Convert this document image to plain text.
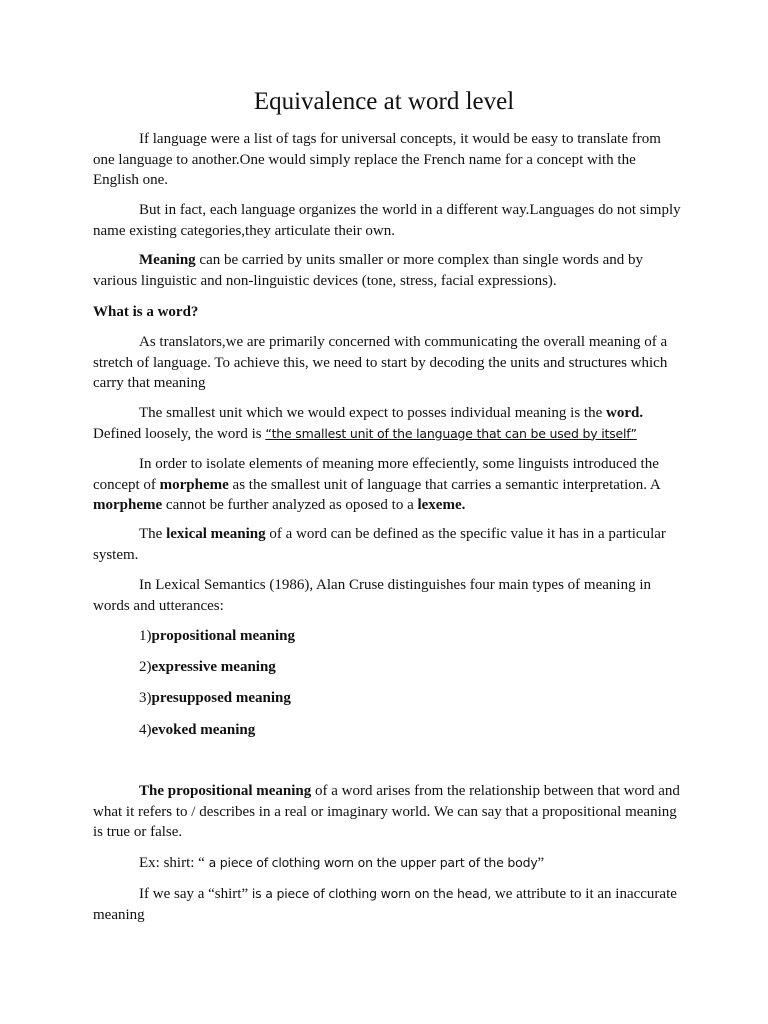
Equivalence at word level

If language were a list of tags for universal concepts, it would be easy to translate from one language to another.One would simply replace the French name for a concept with the English one.

But in fact, each language organizes the world in a different way.Languages do not simply name existing categories,they articulate their own.

Meaning can be carried by units smaller or more complex than single words and by various linguistic and non-linguistic devices (tone, stress, facial expressions).

What is a word?

As translators,we are primarily concerned with communicating the overall meaning of a stretch of language. To achieve this, we need to start by decoding the units and structures which carry that meaning

The smallest unit which we would expect to posses individual meaning is the word. Defined loosely, the word is “the smallest unit of the language that can be used by itself”

In order to isolate elements of meaning more effeciently, some linguists introduced the concept of morpheme as the smallest unit of language that carries a semantic interpretation. A morpheme cannot be further analyzed as oposed to a lexeme.

The lexical meaning of a word can be defined as the specific value it has in a particular system.

In Lexical Semantics (1986), Alan Cruse distinguishes four main types of meaning in words and utterances:

1)propositional meaning
2)expressive meaning
3)presupposed meaning
4)evoked meaning

The propositional meaning of a word arises from the relationship between that word and what it refers to / describes in a real or imaginary world. We can say that a propositional meaning is true or false.

Ex: shirt: “ a piece of clothing worn on the upper part of the body”

If we say a “shirt” is a piece of clothing worn on the head, we attribute to it an inaccurate meaning
